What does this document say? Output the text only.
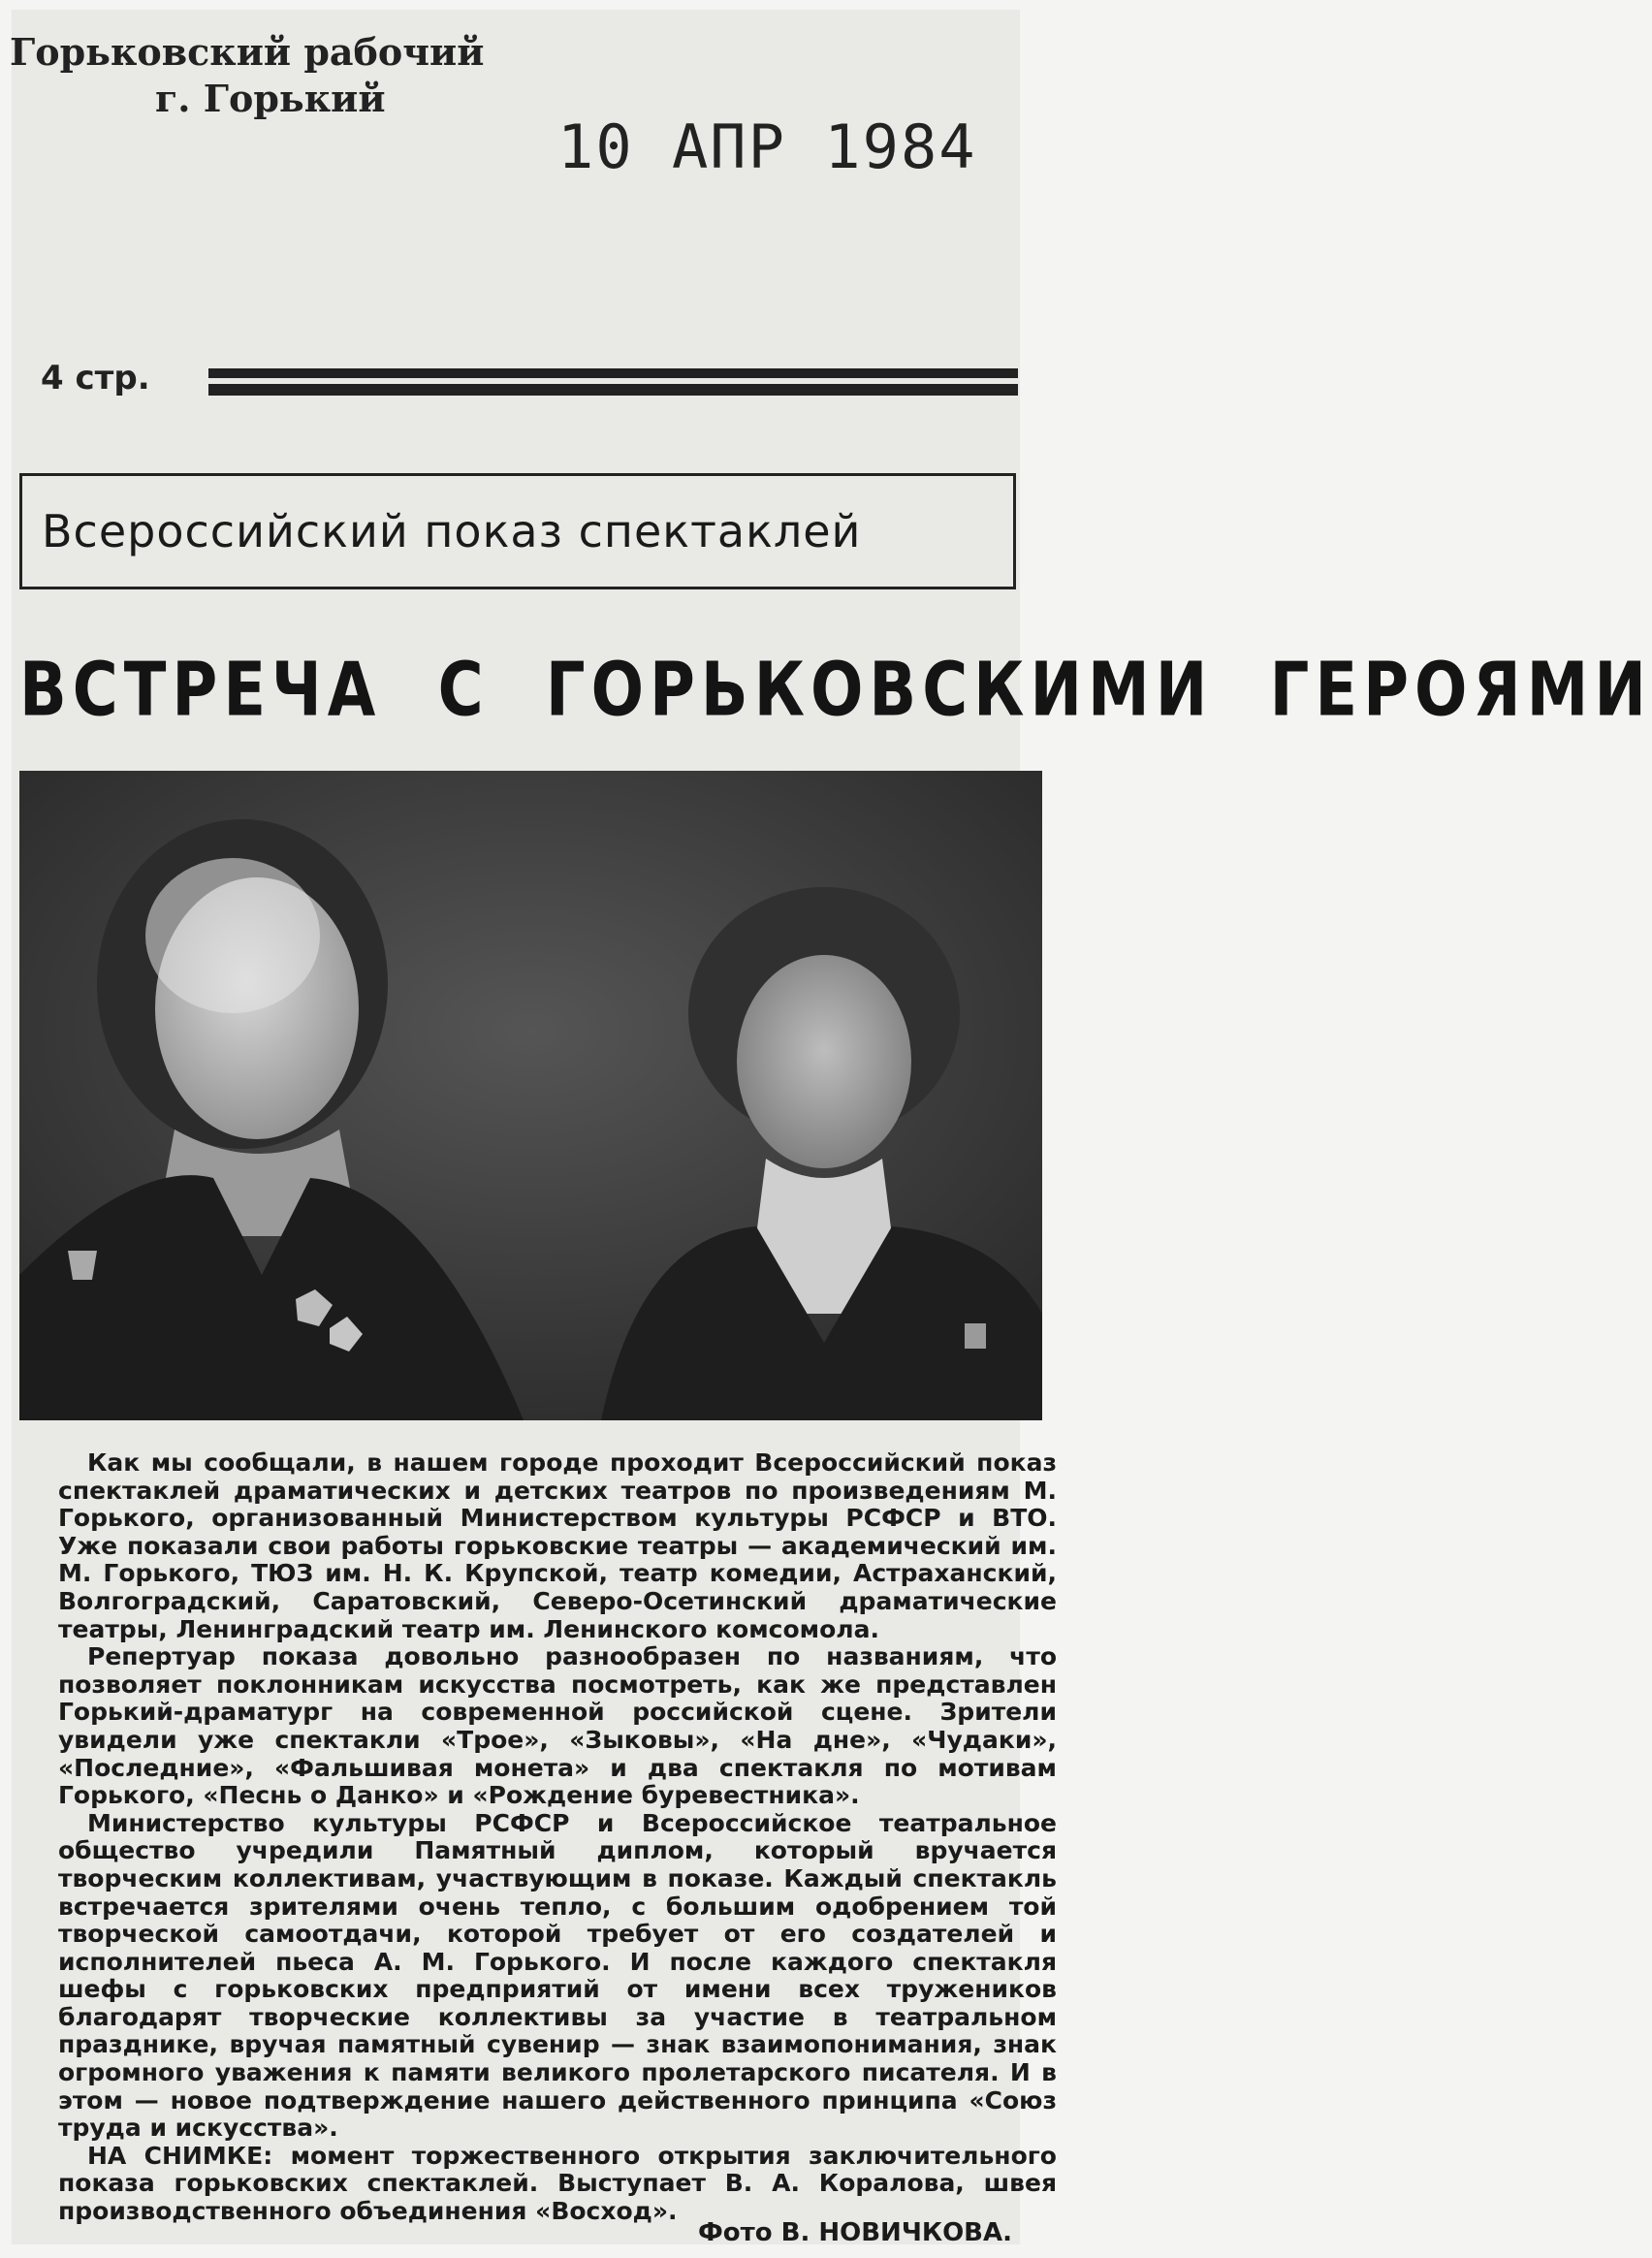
Горьковский рабочий
г. Горький
10 АПР 1984
4 стр.
Всероссийский показ спектаклей
ВСТРЕЧА С ГОРЬКОВСКИМИ ГЕРОЯМИ

Как мы сообщали, в нашем городе проходит Всероссийский показ спектаклей драматических и детских театров по произведениям М. Горького, организованный Министерством культуры РСФСР и ВТО. Уже показали свои работы горьковские театры — академический им. М. Горького, ТЮЗ им. Н. К. Крупской, театр комедии, Астраханский, Волгоградский, Саратовский, Северо-Осетинский драматические театры, Ленинградский театр им. Ленинского комсомола.

Репертуар показа довольно разнообразен по названиям, что позволяет поклонникам искусства посмотреть, как же представлен Горький-драматург на современной российской сцене. Зрители увидели уже спектакли «Трое», «Зыковы», «На дне», «Чудаки», «Последние», «Фальшивая монета» и два спектакля по мотивам Горького, «Песнь о Данко» и «Рождение буревестника».

Министерство культуры РСФСР и Всероссийское театральное общество учредили Памятный диплом, который вручается творческим коллективам, участвующим в показе. Каждый спектакль встречается зрителями очень тепло, с большим одобрением той творческой самоотдачи, которой требует от его создателей и исполнителей пьеса А. М. Горького. И после каждого спектакля шефы с горьковских предприятий от имени всех тружеников благодарят творческие коллективы за участие в театральном празднике, вручая памятный сувенир — знак взаимопонимания, знак огромного уважения к памяти великого пролетарского писателя. И в этом — новое подтверждение нашего действенного принципа «Союз труда и искусства».

НА СНИМКЕ: момент торжественного открытия заключительного показа горьковских спектаклей. Выступает В. А. Коралова, швея производственного объединения «Восход».

Фото В. НОВИЧКОВА.
